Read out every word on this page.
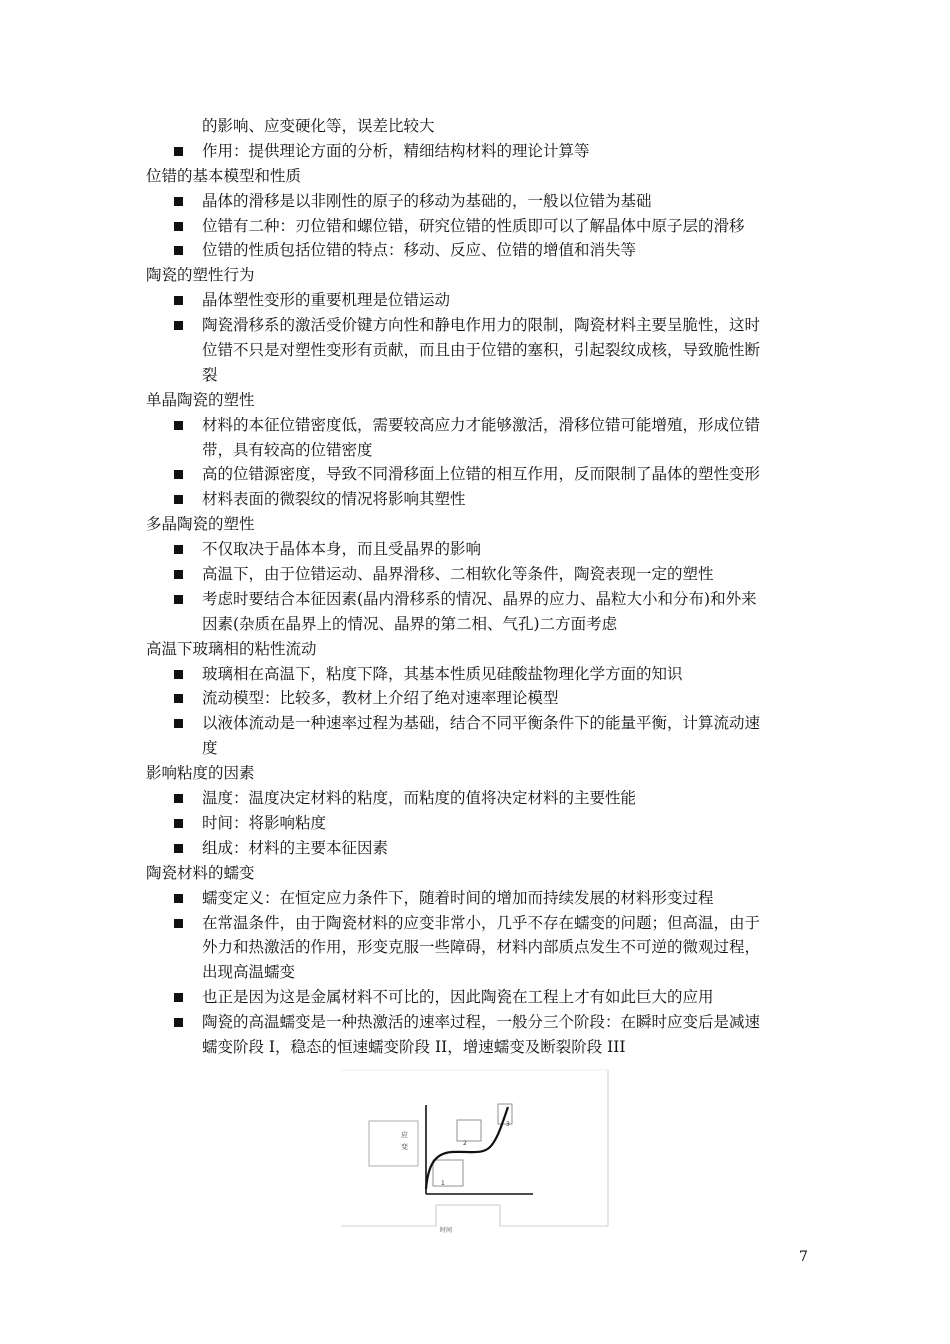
的影响、应变硬化等，误差比较大
作用：提供理论方面的分析，精细结构材料的理论计算等
位错的基本模型和性质
晶体的滑移是以非刚性的原子的移动为基础的，一般以位错为基础
位错有二种：刃位错和螺位错，研究位错的性质即可以了解晶体中原子层的滑移
位错的性质包括位错的特点：移动、反应、位错的增值和消失等
陶瓷的塑性行为
晶体塑性变形的重要机理是位错运动
陶瓷滑移系的激活受价键方向性和静电作用力的限制，陶瓷材料主要呈脆性，这时
位错不只是对塑性变形有贡献，而且由于位错的塞积，引起裂纹成核，导致脆性断
裂
单晶陶瓷的塑性
材料的本征位错密度低，需要较高应力才能够激活，滑移位错可能增殖，形成位错
带，具有较高的位错密度
高的位错源密度，导致不同滑移面上位错的相互作用，反而限制了晶体的塑性变形
材料表面的微裂纹的情况将影响其塑性
多晶陶瓷的塑性
不仅取决于晶体本身，而且受晶界的影响
高温下，由于位错运动、晶界滑移、二相软化等条件，陶瓷表现一定的塑性
考虑时要结合本征因素(晶内滑移系的情况、晶界的应力、晶粒大小和分布)和外来
因素(杂质在晶界上的情况、晶界的第二相、气孔)二方面考虑
高温下玻璃相的粘性流动
玻璃相在高温下，粘度下降，其基本性质见硅酸盐物理化学方面的知识
流动模型：比较多，教材上介绍了绝对速率理论模型
以液体流动是一种速率过程为基础，结合不同平衡条件下的能量平衡，计算流动速
度
影响粘度的因素
温度：温度决定材料的粘度，而粘度的值将决定材料的主要性能
时间：将影响粘度
组成：材料的主要本征因素
陶瓷材料的蠕变
蠕变定义：在恒定应力条件下，随着时间的增加而持续发展的材料形变过程
在常温条件，由于陶瓷材料的应变非常小，几乎不存在蠕变的问题；但高温，由于
外力和热激活的作用，形变克服一些障碍，材料内部质点发生不可逆的微观过程，
出现高温蠕变
也正是因为这是金属材料不可比的，因此陶瓷在工程上才有如此巨大的应用
陶瓷的高温蠕变是一种热激活的速率过程，一般分三个阶段：在瞬时应变后是减速
蠕变阶段 I，稳态的恒速蠕变阶段 II，增速蠕变及断裂阶段 III
应
变
1
2
3
时间
7
